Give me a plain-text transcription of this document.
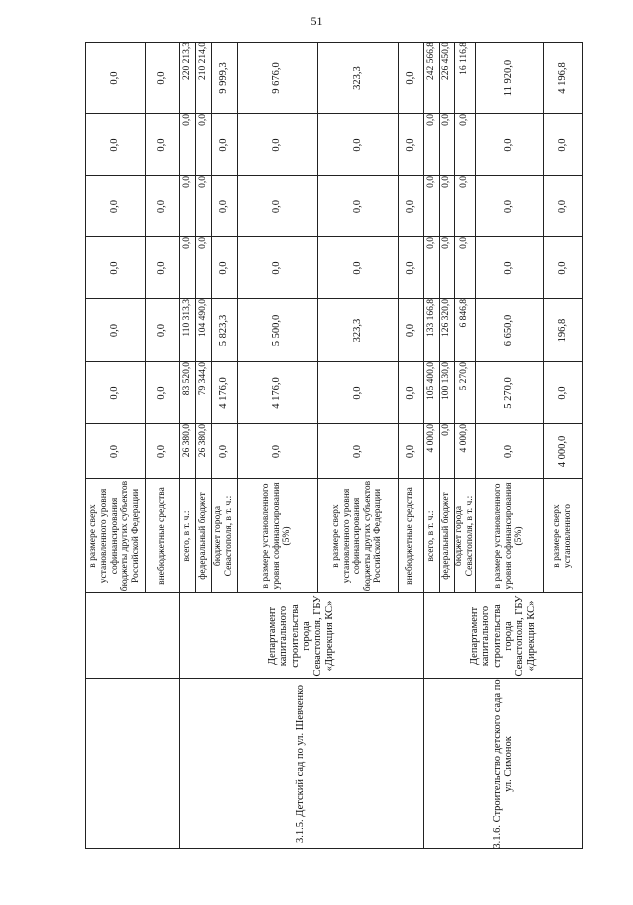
51
в размере сверх установленного уровня софинансирования бюджеты других субъектов Российской Федерации
0,0
0,0
0,0
0,0
0,0
0,0
0,0
внебюджетные средства
0,0
0,0
0,0
0,0
0,0
0,0
0,0
всего, в т. ч.:
26 380,0
83 520,0
110 313,3
0,0
0,0
0,0
220 213,3
федеральный бюджет
26 380,0
79 344,0
104 490,0
0,0
0,0
0,0
210 214,0
бюджет города Севастополя, в т. ч.:
0,0
4 176,0
5 823,3
0,0
0,0
0,0
9 999,3
в размере установленного уровня софинансирования (5%)
0,0
4 176,0
5 500,0
0,0
0,0
0,0
9 676,0
в размере сверх установленного уровня софинансирования бюджеты других субъектов Российской Федерации
0,0
0,0
323,3
0,0
0,0
0,0
323,3
внебюджетные средства
0,0
0,0
0,0
0,0
0,0
0,0
0,0
всего, в т. ч.:
4 000,0
105 400,0
133 166,8
0,0
0,0
0,0
242 566,8
федеральный бюджет
0,0
100 130,0
126 320,0
0,0
0,0
0,0
226 450,0
бюджет города Севастополя, в т. ч.:
4 000,0
5 270,0
6 846,8
0,0
0,0
0,0
16 116,8
в размере установленного уровня софинансирования (5%)
0,0
5 270,0
6 650,0
0,0
0,0
0,0
11 920,0
в размере сверх установленного
4 000,0
0,0
196,8
0,0
0,0
0,0
4 196,8
3.1.5. Детский сад по ул. Шевченко
Департамент капитального строительства города Севастополя, ГБУ «Дирекция КС»
3.1.6. Строительство детского сада по ул. Симонок
Департамент капитального строительства города Севастополя, ГБУ «Дирекция КС»
